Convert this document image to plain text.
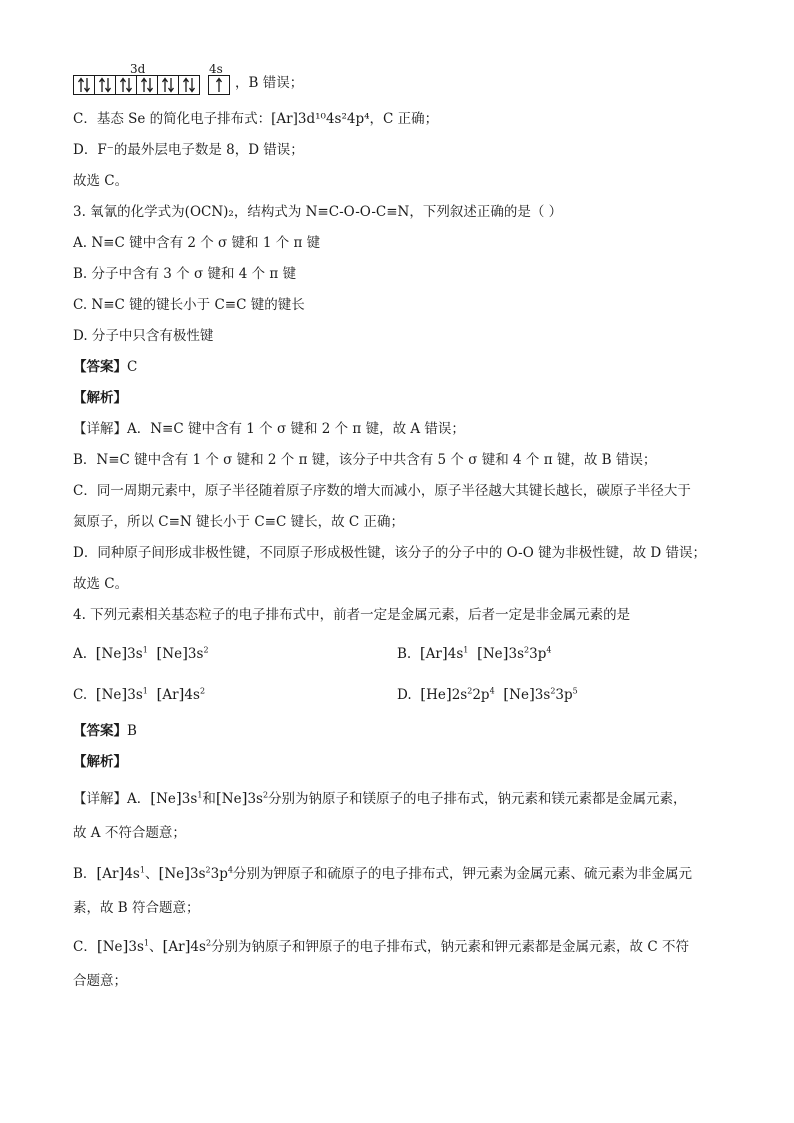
3d	4s
，B 错误；
C．基态 Se 的简化电子排布式：[Ar]3d¹⁰4s²4p⁴，C 正确；
D．F⁻的最外层电子数是 8，D 错误；
故选 C。
3. 氧氰的化学式为(OCN)₂，结构式为 N≡C-O-O-C≡N，下列叙述正确的是（ ）
A. N≡C 键中含有 2 个 σ 键和 1 个 π 键
B. 分子中含有 3 个 σ 键和 4 个 π 键
C. N≡C 键的键长小于 C≡C 键的键长
D. 分子中只含有极性键
【答案】C
【解析】
【详解】A．N≡C 键中含有 1 个 σ 键和 2 个 π 键，故 A 错误；
B．N≡C 键中含有 1 个 σ 键和 2 个 π 键，该分子中共含有 5 个 σ 键和 4 个 π 键，故 B 错误；
C．同一周期元素中，原子半径随着原子序数的增大而减小，原子半径越大其键长越长，碳原子半径大于
氮原子，所以 C≡N 键长小于 C≡C 键长，故 C 正确；
D．同种原子间形成非极性键，不同原子形成极性键，该分子的分子中的 O-O 键为非极性键，故 D 错误；
故选 C。
4. 下列元素相关基态粒子的电子排布式中，前者一定是金属元素，后者一定是非金属元素的是
A. $[Ne]3s^1$ $[Ne]3s^2$	B. $[Ar]4s^1$ $[Ne]3s^23p^4$
C. $[Ne]3s^1$ $[Ar]4s^2$	D. $[He]2s^22p^4$ $[Ne]3s^23p^5$
【答案】B
【解析】
【详解】A．$[Ne]3s^1$和$[Ne]3s^2$分别为钠原子和镁原子的电子排布式，钠元素和镁元素都是金属元素，
故 A 不符合题意；
B．$[Ar]4s^1$、$[Ne]3s^23p^4$分别为钾原子和硫原子的电子排布式，钾元素为金属元素、硫元素为非金属元
素，故 B 符合题意；
C．$[Ne]3s^1$、$[Ar]4s^2$分别为钠原子和钾原子的电子排布式，钠元素和钾元素都是金属元素，故 C 不符
合题意；
